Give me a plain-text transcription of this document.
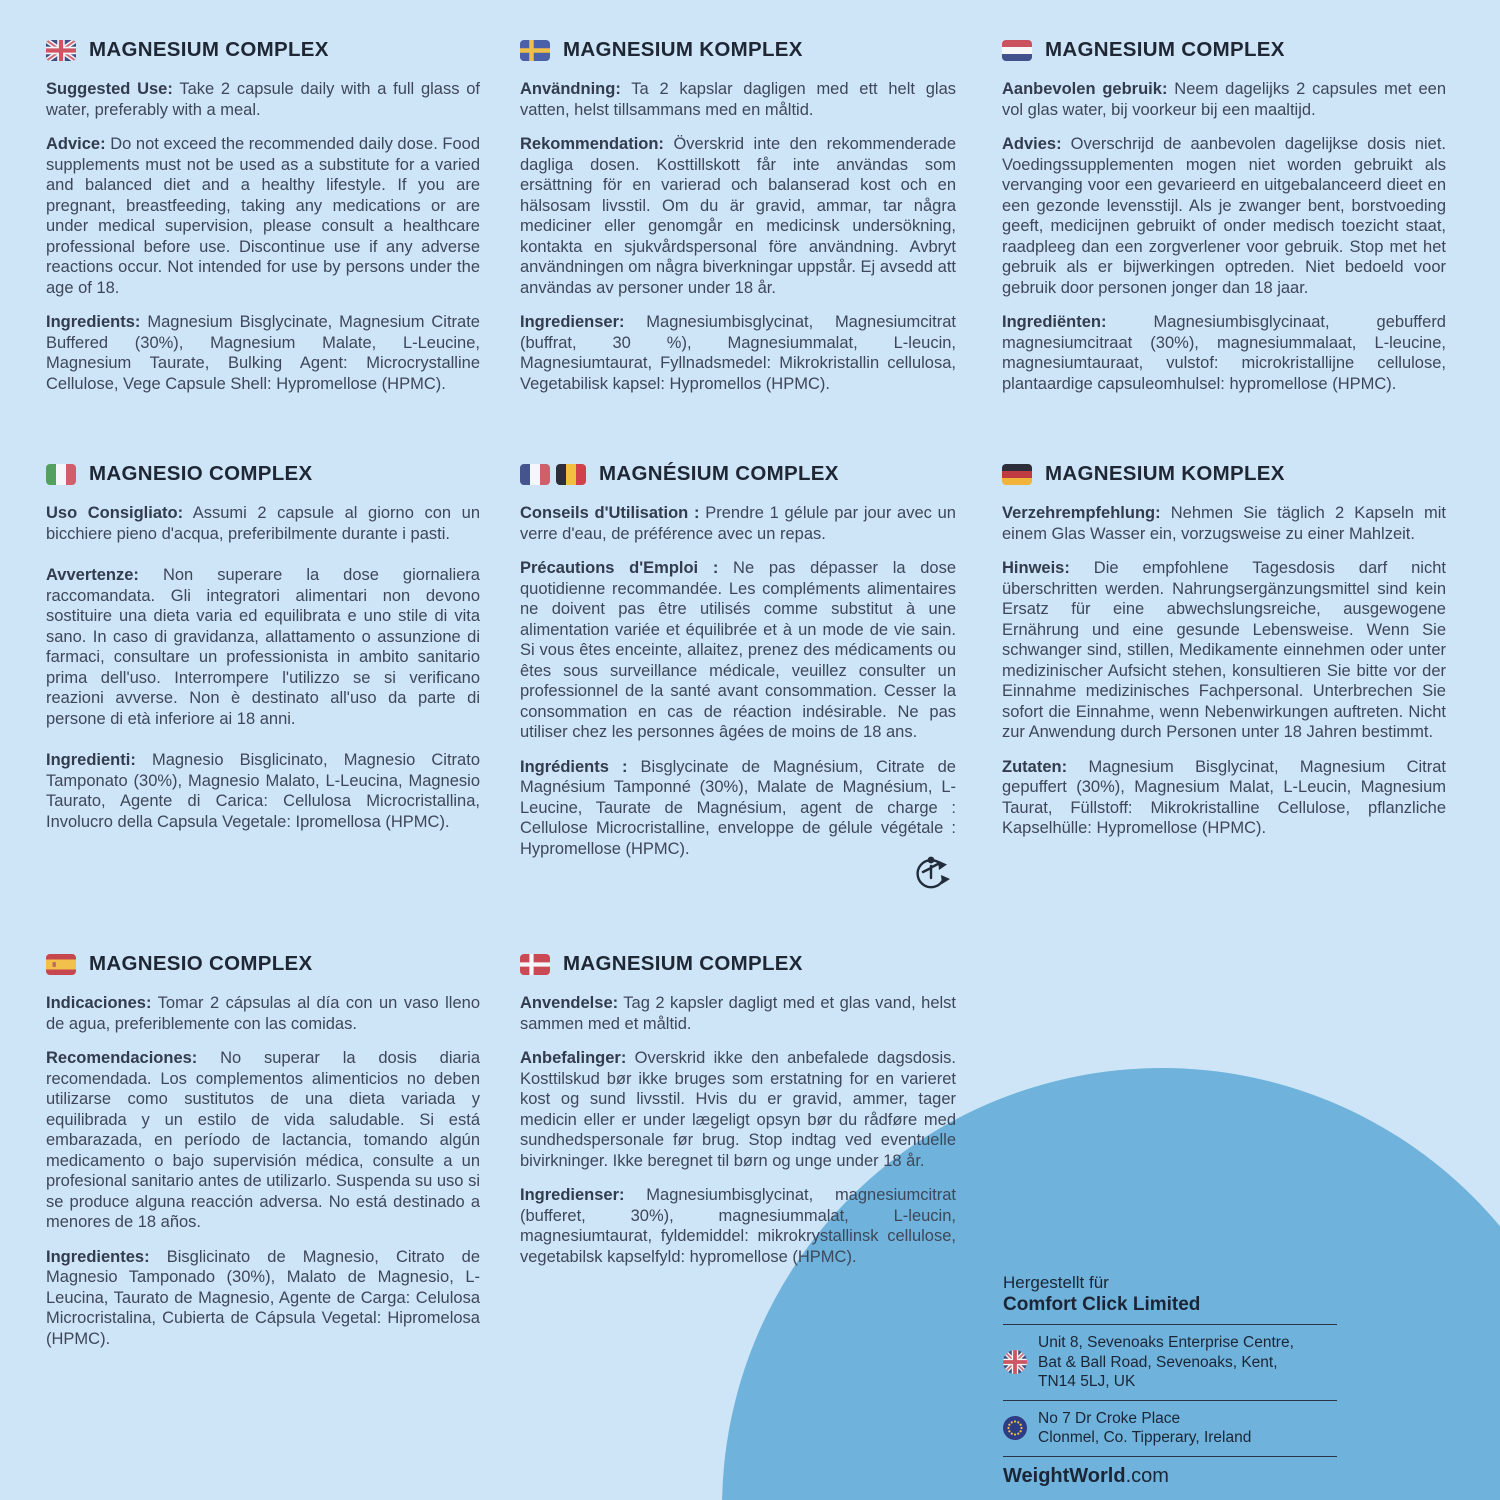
MAGNESIUM COMPLEX

Suggested Use: Take 2 capsule daily with a full glass of water, preferably with a meal.

Advice: Do not exceed the recommended daily dose. Food supplements must not be used as a substitute for a varied and balanced diet and a healthy lifestyle. If you are pregnant, breastfeeding, taking any medications or are under medical supervision, please consult a healthcare professional before use. Discontinue use if any adverse reactions occur. Not intended for use by persons under the age of 18.

Ingredients: Magnesium Bisglycinate, Magnesium Citrate Buffered (30%), Magnesium Malate, L-Leucine, Magnesium Taurate, Bulking Agent: Microcrystalline Cellulose, Vege Capsule Shell: Hypromellose (HPMC).

MAGNESIUM KOMPLEX

Användning: Ta 2 kapslar dagligen med ett helt glas vatten, helst tillsammans med en måltid.

Rekommendation: Överskrid inte den rekommenderade dagliga dosen. Kosttillskott får inte användas som ersättning för en varierad och balanserad kost och en hälsosam livsstil. Om du är gravid, ammar, tar några mediciner eller genomgår en medicinsk undersökning, kontakta en sjukvårdspersonal före användning. Avbryt användningen om några biverkningar uppstår. Ej avsedd att användas av personer under 18 år.

Ingredienser: Magnesiumbisglycinat, Magnesiumcitrat (buffrat, 30 %), Magnesiummalat, L-leucin, Magnesiumtaurat, Fyllnadsmedel: Mikrokristallin cellulosa, Vegetabilisk kapsel: Hypromellos (HPMC).

MAGNESIUM COMPLEX

Aanbevolen gebruik: Neem dagelijks 2 capsules met een vol glas water, bij voorkeur bij een maaltijd.

Advies: Overschrijd de aanbevolen dagelijkse dosis niet. Voedingssupplementen mogen niet worden gebruikt als vervanging voor een gevarieerd en uitgebalanceerd dieet en een gezonde levensstijl. Als je zwanger bent, borstvoeding geeft, medicijnen gebruikt of onder medisch toezicht staat, raadpleeg dan een zorgverlener voor gebruik. Stop met het gebruik als er bijwerkingen optreden. Niet bedoeld voor gebruik door personen jonger dan 18 jaar.

Ingrediënten:	Magnesiumbisglycinaat, gebufferd magnesiumcitraat (30%), magnesiummalaat, L-leucine, magnesiumtauraat, vulstof: microkristallijne cellulose, plantaardige capsuleomhulsel: hypromellose (HPMC).

MAGNESIO COMPLEX

Uso Consigliato: Assumi 2 capsule al giorno con un bicchiere pieno d'acqua, preferibilmente durante i pasti.

Avvertenze: Non superare la dose giornaliera raccomandata. Gli integratori alimentari non devono sostituire una dieta varia ed equilibrata e uno stile di vita sano. In caso di gravidanza, allattamento o assunzione di farmaci, consultare un professionista in ambito sanitario prima dell'uso. Interrompere l'utilizzo se si verificano reazioni avverse. Non è destinato all'uso da parte di persone di età inferiore ai 18 anni.

Ingredienti: Magnesio Bisglicinato, Magnesio Citrato Tamponato (30%), Magnesio Malato, L-Leucina, Magnesio Taurato, Agente di Carica: Cellulosa Microcristallina, Involucro della Capsula Vegetale: Ipromellosa (HPMC).

MAGNÉSIUM COMPLEX

Conseils d'Utilisation : Prendre 1 gélule par jour avec un verre d'eau, de préférence avec un repas.

Précautions d'Emploi : Ne pas dépasser la dose quotidienne recommandée. Les compléments alimentaires ne doivent pas être utilisés comme substitut à une alimentation variée et équilibrée et à un mode de vie sain. Si vous êtes enceinte, allaitez, prenez des médicaments ou êtes sous surveillance médicale, veuillez consulter un professionnel de la santé avant consommation. Cesser la consommation en cas de réaction indésirable. Ne pas utiliser chez les personnes âgées de moins de 18 ans.

Ingrédients : Bisglycinate de Magnésium, Citrate de Magnésium Tamponné (30%), Malate de Magnésium, L-Leucine, Taurate de Magnésium, agent de charge : Cellulose Microcristalline, enveloppe de gélule végétale : Hypromellose (HPMC).

MAGNESIUM KOMPLEX

Verzehrempfehlung: Nehmen Sie täglich 2 Kapseln mit einem Glas Wasser ein, vorzugsweise zu einer Mahlzeit.

Hinweis: Die empfohlene Tagesdosis darf nicht überschritten werden. Nahrungsergänzungsmittel sind kein Ersatz für eine abwechslungsreiche, ausgewogene Ernährung und eine gesunde Lebensweise. Wenn Sie schwanger sind, stillen, Medikamente einnehmen oder unter medizinischer Aufsicht stehen, konsultieren Sie bitte vor der Einnahme medizinisches Fachpersonal. Unterbrechen Sie sofort die Einnahme, wenn Nebenwirkungen auftreten. Nicht zur Anwendung durch Personen unter 18 Jahren bestimmt.

Zutaten: Magnesium Bisglycinat, Magnesium Citrat gepuffert (30%), Magnesium Malat, L-Leucin, Magnesium Taurat, Füllstoff: Mikrokristalline Cellulose, pflanzliche Kapselhülle: Hypromellose (HPMC).

MAGNESIO COMPLEX

Indicaciones: Tomar 2 cápsulas al día con un vaso lleno de agua, preferiblemente con las comidas.

Recomendaciones: No superar la dosis diaria recomendada. Los complementos alimenticios no deben utilizarse como sustitutos de una dieta variada y equilibrada y un estilo de vida saludable. Si está embarazada, en período de lactancia, tomando algún medicamento o bajo supervisión médica, consulte a un profesional sanitario antes de utilizarlo. Suspenda su uso si se produce alguna reacción adversa. No está destinado a menores de 18 años.

Ingredientes: Bisglicinato de Magnesio, Citrato de Magnesio Tamponado (30%), Malato de Magnesio, L-Leucina, Taurato de Magnesio, Agente de Carga: Celulosa Microcristalina, Cubierta de Cápsula Vegetal: Hipromelosa (HPMC).

MAGNESIUM COMPLEX

Anvendelse: Tag 2 kapsler dagligt med et glas vand, helst sammen med et måltid.

Anbefalinger: Overskrid ikke den anbefalede dagsdosis. Kosttilskud bør ikke bruges som erstatning for en varieret kost og sund livsstil. Hvis du er gravid, ammer, tager medicin eller er under lægeligt opsyn bør du rådføre med sundhedspersonale før brug. Stop indtag ved eventuelle bivirkninger. Ikke beregnet til børn og unge under 18 år.

Ingredienser: Magnesiumbisglycinat, magnesiumcitrat (bufferet, 30%), magnesiummalat, L-leucin, magnesiumtaurat, fyldemiddel: mikrokrystallinsk cellulose, vegetabilsk kapselfyld: hypromellose (HPMC).

Hergestellt für
Comfort Click Limited
Unit 8, Sevenoaks Enterprise Centre,
Bat & Ball Road, Sevenoaks, Kent,
TN14 5LJ, UK
No 7 Dr Croke Place
Clonmel, Co. Tipperary, Ireland
WeightWorld.com
